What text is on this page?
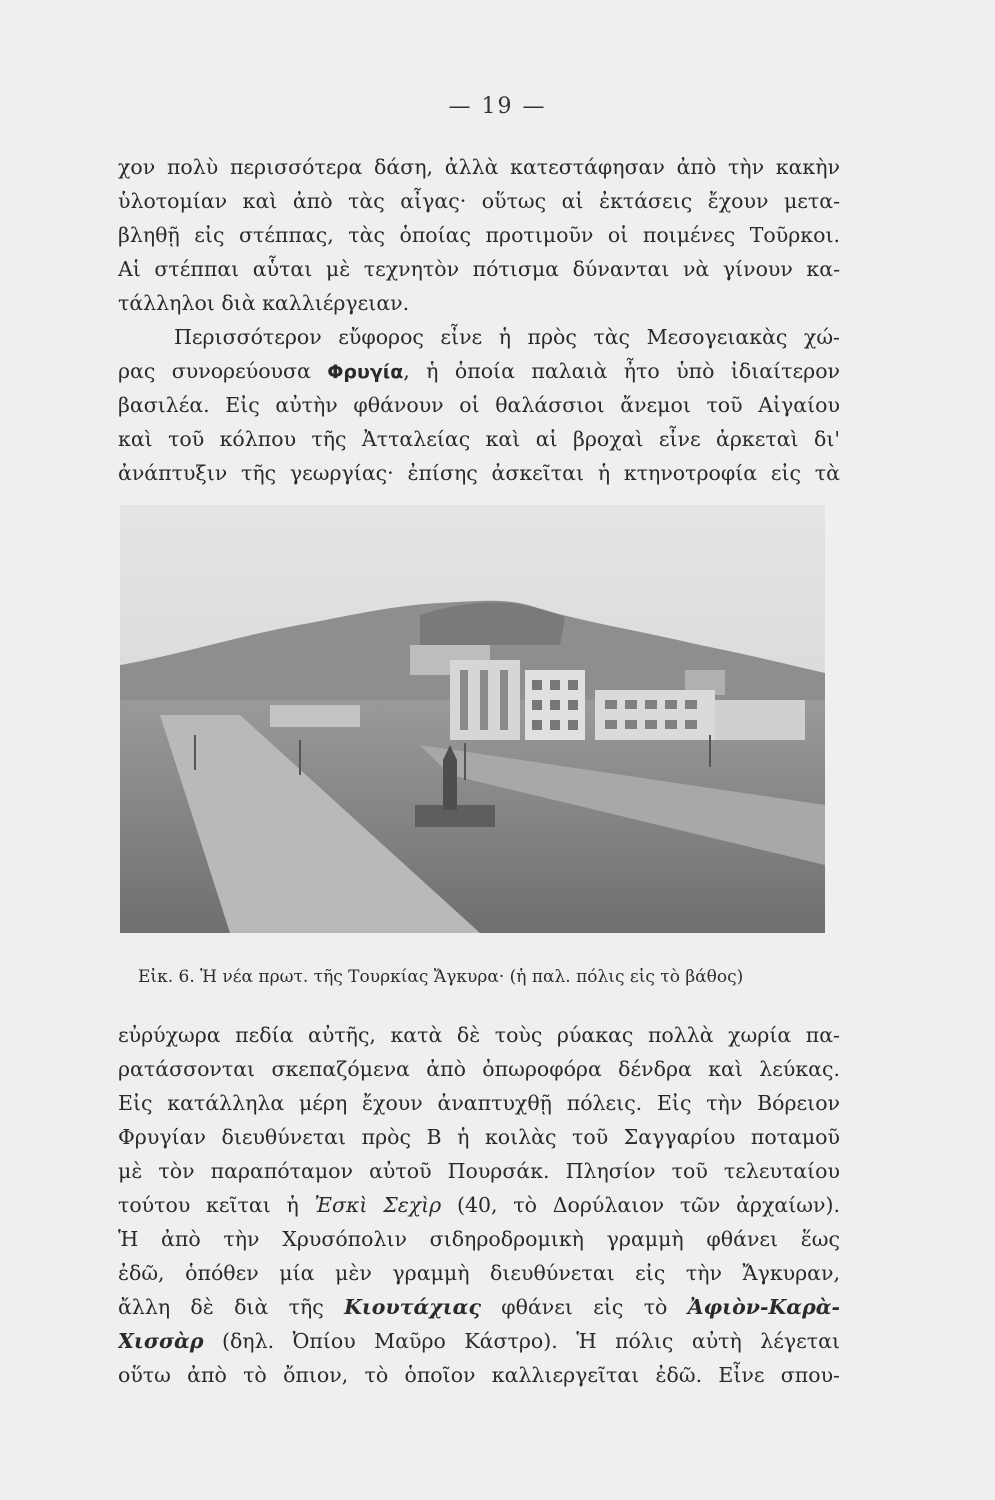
— 19 —
χον πολὺ περισσότερα δάση, ἀλλὰ κατεστάφησαν ἀπὸ τὴν κακὴν
ὑλοτομίαν καὶ ἀπὸ τὰς αἶγας· οὕτως αἱ ἐκτάσεις ἔχουν μετα-
βληθῇ εἰς στέππας, τὰς ὁποίας προτιμοῦν οἱ ποιμένες Τοῦρκοι.
Αἱ στέππαι αὗται μὲ τεχνητὸν πότισμα δύνανται νὰ γίνουν κα-
τάλληλοι διὰ καλλιέργειαν.
Περισσότερον εὔφορος εἶνε ἡ πρὸς τὰς Μεσογειακὰς χώ-
ρας συνορεύουσα Φρυγία, ἡ ὁποία παλαιὰ ἦτο ὑπὸ ἰδιαίτερον
βασιλέα. Εἰς αὐτὴν φθάνουν οἱ θαλάσσιοι ἄνεμοι τοῦ Αἰγαίου
καὶ τοῦ κόλπου τῆς Ἀτταλείας καὶ αἱ βροχαὶ εἶνε ἀρκεταὶ δι'
ἀνάπτυξιν τῆς γεωργίας· ἐπίσης ἀσκεῖται ἡ κτηνοτροφία εἰς τὰ
Εἰκ. 6. Ἡ νέα πρωτ. τῆς Τουρκίας Ἄγκυρα· (ἡ παλ. πόλις εἰς τὸ βάθος)
εὐρύχωρα πεδία αὐτῆς, κατὰ δὲ τοὺς ρύακας πολλὰ χωρία πα-
ρατάσσονται σκεπαζόμενα ἀπὸ ὀπωροφόρα δένδρα καὶ λεύκας.
Εἰς κατάλληλα μέρη ἔχουν ἀναπτυχθῇ πόλεις. Εἰς τὴν Βόρειον
Φρυγίαν διευθύνεται πρὸς Β ἡ κοιλὰς τοῦ Σαγγαρίου ποταμοῦ
μὲ τὸν παραπόταμον αὐτοῦ Πουρσάκ. Πλησίον τοῦ τελευταίου
τούτου κεῖται ἡ Ἐσκὶ Σεχὶρ (40, τὸ Δορύλαιον τῶν ἀρχαίων).
Ἡ ἀπὸ τὴν Χρυσόπολιν σιδηροδρομικὴ γραμμὴ φθάνει ἕως
ἐδῶ, ὁπόθεν μία μὲν γραμμὴ διευθύνεται εἰς τὴν Ἄγκυραν,
ἄλλη δὲ διὰ τῆς Κιουτάχιας φθάνει εἰς τὸ Ἀφιὸν-Καρὰ-
Χισσὰρ (δηλ. Ὀπίου Μαῦρο Κάστρο). Ἡ πόλις αὐτὴ λέγεται
οὕτω ἀπὸ τὸ ὄπιον, τὸ ὁποῖον καλλιεργεῖται ἐδῶ. Εἶνε σπου-
